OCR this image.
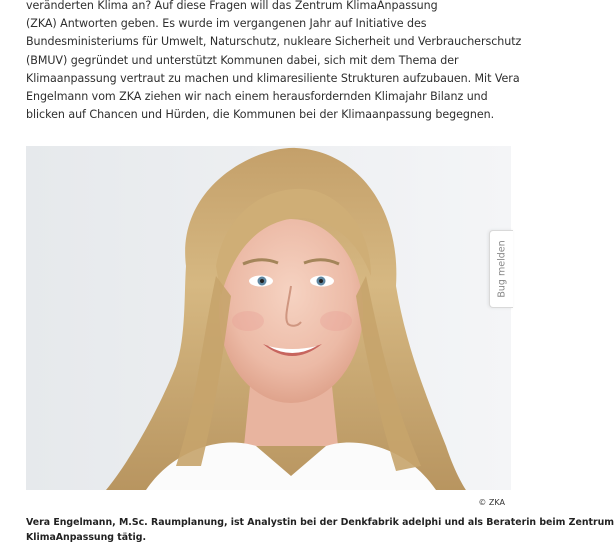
veränderten Klima an? Auf diese Fragen will das Zentrum KlimaAnpassung
(ZKA) Antworten geben. Es wurde im vergangenen Jahr auf Initiative des
Bundesministeriums für Umwelt, Naturschutz, nukleare Sicherheit und Verbraucherschutz
(BMUV) gegründet und unterstützt Kommunen dabei, sich mit dem Thema der
Klimaanpassung vertraut zu machen und klimaresiliente Strukturen aufzubauen. Mit Vera
Engelmann vom ZKA ziehen wir nach einem herausfordernden Klimajahr Bilanz und
blicken auf Chancen und Hürden, die Kommunen bei der Klimaanpassung begegnen.
Bug melden
© ZKA
Vera Engelmann, M.Sc. Raumplanung, ist Analystin bei der Denkfabrik adelphi und als Beraterin beim Zentrum
KlimaAnpassung tätig.
